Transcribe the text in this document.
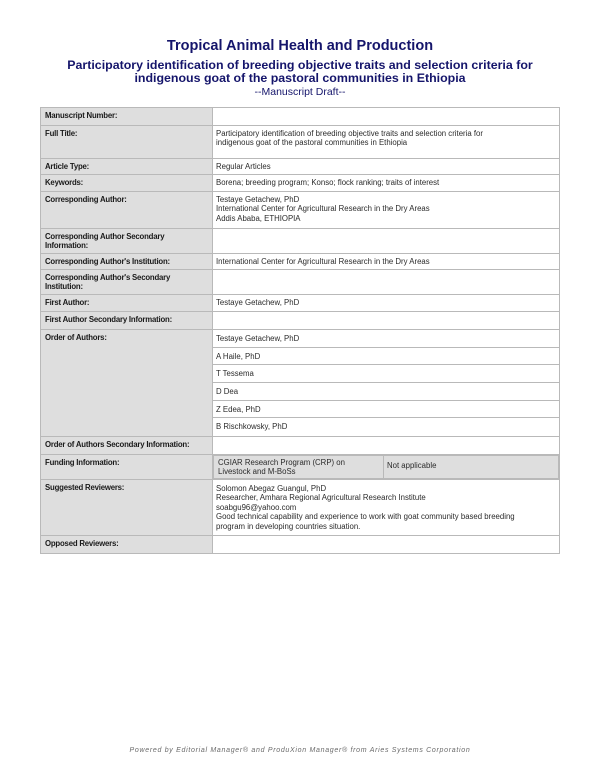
Tropical Animal Health and Production
Participatory identification of breeding objective traits and selection criteria for indigenous goat of the pastoral communities in Ethiopia
--Manuscript Draft--
Manuscript Number:
Full Title:	Participatory identification of breeding objective traits and selection criteria for
indigenous goat of the pastoral communities in Ethiopia
Article Type:	Regular Articles
Keywords:	Borena; breeding program; Konso; flock ranking; traits of interest
Corresponding Author:	Testaye Getachew, PhD
International Center for Agricultural Research in the Dry Areas
Addis Ababa, ETHIOPIA
Corresponding Author Secondary Information:
Corresponding Author's Institution:	International Center for Agricultural Research in the Dry Areas
Corresponding Author's Secondary Institution:
First Author:	Testaye Getachew, PhD
First Author Secondary Information:
Order of Authors:	Testaye Getachew, PhD
A Haile, PhD
T Tessema
D Dea
Z Edea, PhD
B Rischkowsky, PhD
Order of Authors Secondary Information:
Funding Information:	CGIAR Research Program (CRP) on
Livestock and M-BoSs
Not applicable
Suggested Reviewers:	Solomon Abegaz Guangul, PhD
Researcher, Amhara Regional Agricultural Research Institute
soabgu96@yahoo.com
Good technical capability and experience to work with goat community based breeding
program in developing countries situation.
Opposed Reviewers:
Powered by Editorial Manager® and ProduXion Manager® from Aries Systems Corporation
